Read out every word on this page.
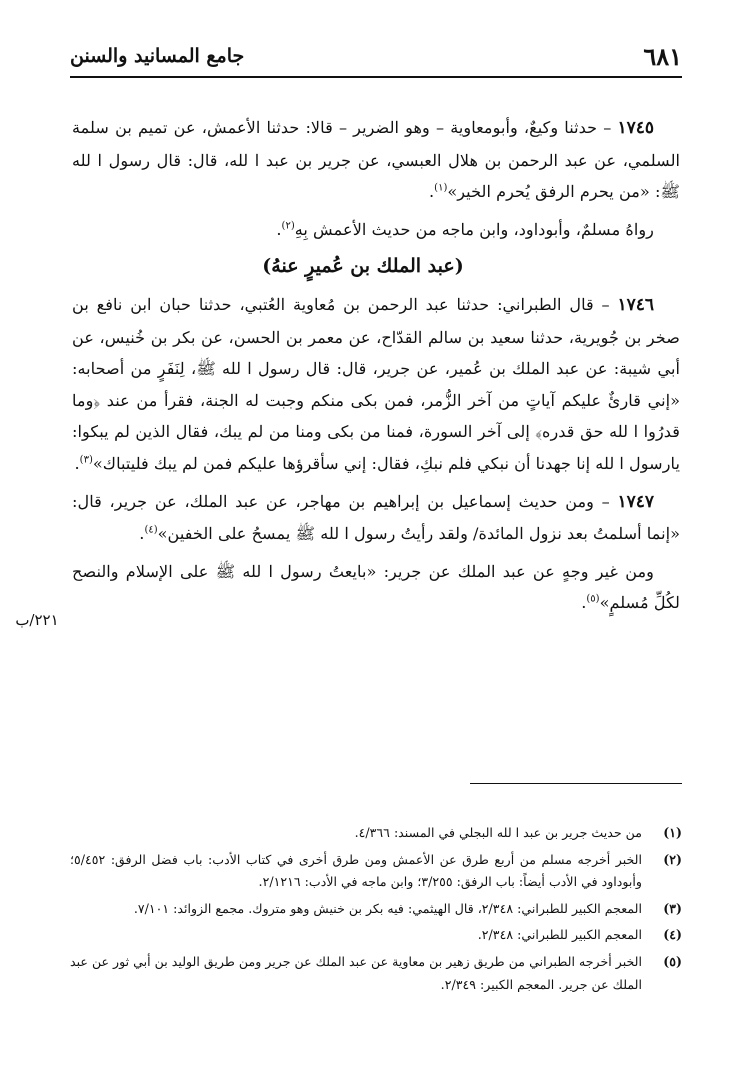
٦٨١
جامع المسانيد والسنن

١٧٤٥ – حدثنا وكيعٌ، وأبومعاوية – وهو الضرير – قالا: حدثنا الأعمش، عن تميم بن سلمة السلمي، عن عبد الرحمن بن هلال العبسي، عن جرير بن عبد ا لله، قال: قال رسول ا لله ﷺ: «من يحرم الرفق يُحرم الخير»$^{(١)}$.

رواهُ مسلمٌ، وأبوداود، وابن ماجه من حديث الأعمش بِهِ$^{(٢)}$.

(عبد الملك بن عُميرٍ عنهُ)

١٧٤٦ – قال الطبراني: حدثنا عبد الرحمن بن مُعاوية العُتبي، حدثنا حبان ابن نافع بن صخر بن جُويرية، حدثنا سعيد بن سالم القدّاح، عن معمر بن الحسن، عن بكر بن خُنيس، عن أبي شيبة: عن عبد الملك بن عُمير، عن جرير، قال: قال رسول ا لله ﷺ، لِنَفَرٍ من أصحابه: «إني قارئٌ عليكم آياتٍ من آخر الزُّمر، فمن بكى منكم وجبت له الجنة، فقرأ من عند ﴿وما قدرُوا ا لله حق قدره﴾ إلى آخر السورة، فمنا من بكى ومنا من لم يبك، فقال الذين لم يبكوا: يارسول ا لله إنا جهدنا أن نبكي فلم نبكِ، فقال: إني سأقرؤها عليكم فمن لم يبك فليتباك»$^{(٣)}$.

١٧٤٧ – ومن حديث إسماعيل بن إبراهيم بن مهاجر، عن عبد الملك، عن جرير، قال: «إنما أسلمتُ بعد نزول المائدة/ ولقد رأيتُ رسول ا لله ﷺ يمسحُ على الخفين»$^{(٤)}$.

ومن غير وجهٍ عن عبد الملك عن جرير: «بايعتُ رسول ا لله ﷺ على الإسلام والنصح لكُلِّ مُسلمٍ»$^{(٥)}$.

٢٢١/ب
(١)
من حديث جرير بن عبد ا لله البجلي في المسند: ٤/٣٦٦.
(٢)
الخبر أخرجه مسلم من أربع طرق عن الأعمش ومن طرق أخرى في كتاب الأدب: باب فضل الرفق: ٥/٤٥٢؛ وأبوداود في الأدب أيضاً: باب الرفق: ٣/٢٥٥؛ وابن ماجه في الأدب: ٢/١٢١٦.
(٣)
المعجم الكبير للطبراني: ٢/٣٤٨، قال الهيثمي: فيه بكر بن خنيش وهو متروك. مجمع الزوائد: ٧/١٠١.
(٤)
المعجم الكبير للطبراني: ٢/٣٤٨.
(٥)
الخبر أخرجه الطبراني من طريق زهير بن معاوية عن عبد الملك عن جرير ومن طريق الوليد بن أبي ثور عن عبد الملك عن جرير. المعجم الكبير: ٢/٣٤٩.
